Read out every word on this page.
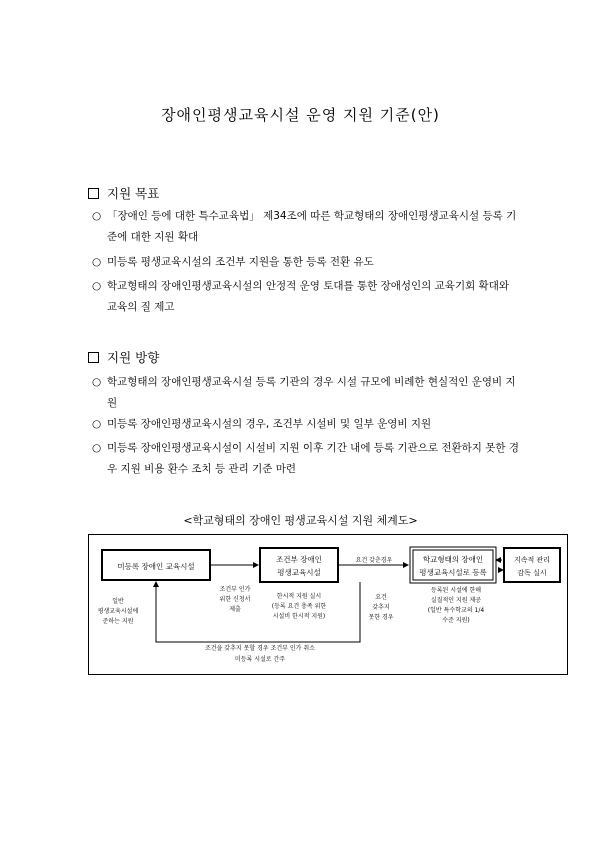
장애인평생교육시설 운영 지원 기준(안)
지원 목표
○ 「장애인 등에 대한 특수교육법」 제34조에 따른 학교형태의 장애인평생교육시설 등록 기준에 대한 지원 확대
○ 미등록 평생교육시설의 조건부 지원을 통한 등록 전환 유도
○ 학교형태의 장애인평생교육시설의 안정적 운영 토대를 통한 장애성인의 교육기회 확대와 교육의 질 제고
지원 방향
○ 학교형태의 장애인평생교육시설 등록 기관의 경우 시설 규모에 비례한 현실적인 운영비 지원
○ 미등록 장애인평생교육시설의 경우, 조건부 시설비 및 일부 운영비 지원
○ 미등록 장애인평생교육시설이 시설비 지원 이후 기간 내에 등록 기관으로 전환하지 못한 경우 지원 비용 환수 조치 등 관리 기준 마련
<학교형태의 장애인 평생교육시설 지원 체계도>
미등록 장애인 교육시설
조건부 장애인
평생교육시설
학교형태의 장애인
평생교육시설로 등록
지속적 관리
감독 실시
조건부 인가
위한 신청서
제출
요건 갖춘경우
요건
갖추지
못한 경우
일반
평생교육시설에
준하는 지원
한시적 지원 실시
(등록 요건 충족 위한
시설비 한시적 지원)
등록된 시설에 한해
실질적인 지원 제공
(일반 특수학교의 1/4
수준 지원)
조건을 갖추지 못할 경우 조건부 인가 취소
미등록 시설로 간주
